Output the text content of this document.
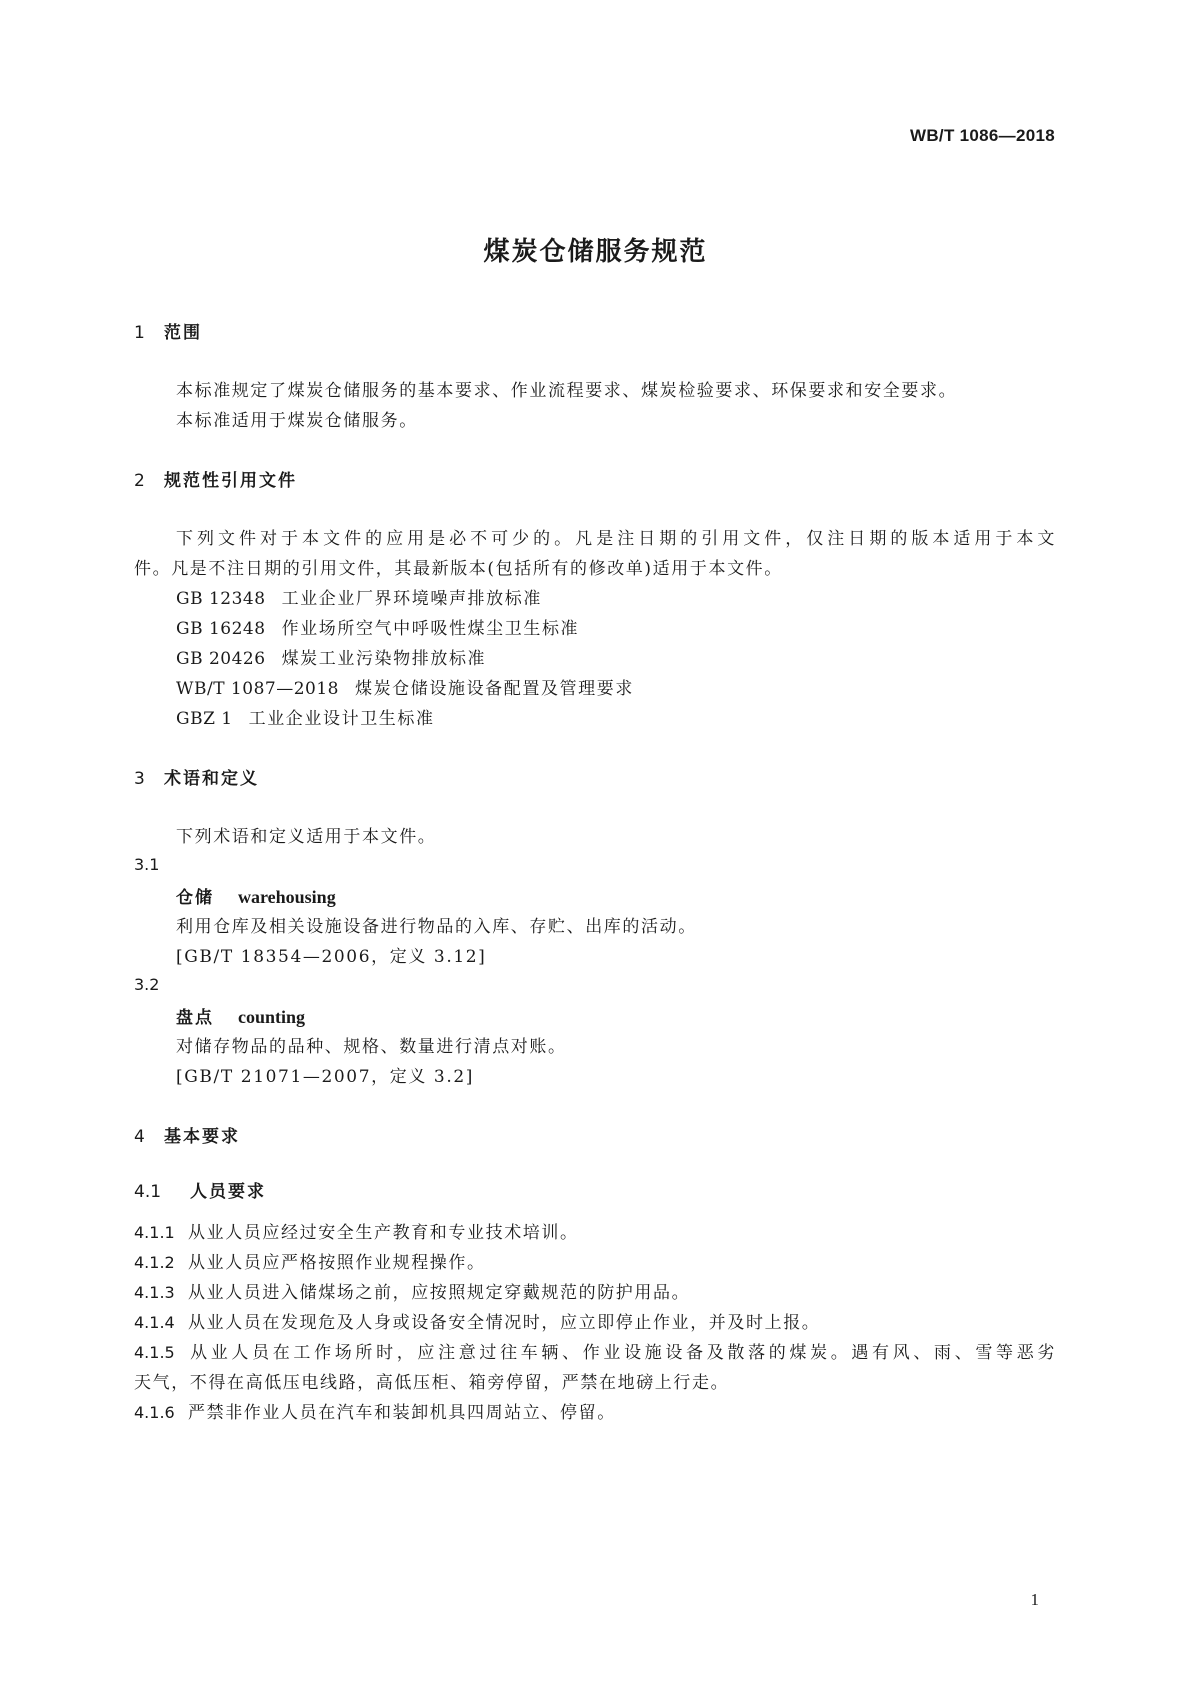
WB/T 1086—2018
煤炭仓储服务规范
1 范围
本标准规定了煤炭仓储服务的基本要求、作业流程要求、煤炭检验要求、环保要求和安全要求。
本标准适用于煤炭仓储服务。
2 规范性引用文件
下列文件对于本文件的应用是必不可少的。凡是注日期的引用文件，仅注日期的版本适用于本文
件。凡是不注日期的引用文件，其最新版本(包括所有的修改单)适用于本文件。
GB 12348 工业企业厂界环境噪声排放标准
GB 16248 作业场所空气中呼吸性煤尘卫生标准
GB 20426 煤炭工业污染物排放标准
WB/T 1087—2018 煤炭仓储设施设备配置及管理要求
GBZ 1 工业企业设计卫生标准
3 术语和定义
下列术语和定义适用于本文件。
3.1
仓储 warehousing
利用仓库及相关设施设备进行物品的入库、存贮、出库的活动。
[GB/T 18354—2006，定义 3.12]
3.2
盘点 counting
对储存物品的品种、规格、数量进行清点对账。
[GB/T 21071—2007，定义 3.2]
4 基本要求
4.1 人员要求
4.1.1 从业人员应经过安全生产教育和专业技术培训。
4.1.2 从业人员应严格按照作业规程操作。
4.1.3 从业人员进入储煤场之前，应按照规定穿戴规范的防护用品。
4.1.4 从业人员在发现危及人身或设备安全情况时，应立即停止作业，并及时上报。
4.1.5 从业人员在工作场所时，应注意过往车辆、作业设施设备及散落的煤炭。遇有风、雨、雪等恶劣
天气，不得在高低压电线路，高低压柜、箱旁停留，严禁在地磅上行走。
4.1.6 严禁非作业人员在汽车和装卸机具四周站立、停留。
1
